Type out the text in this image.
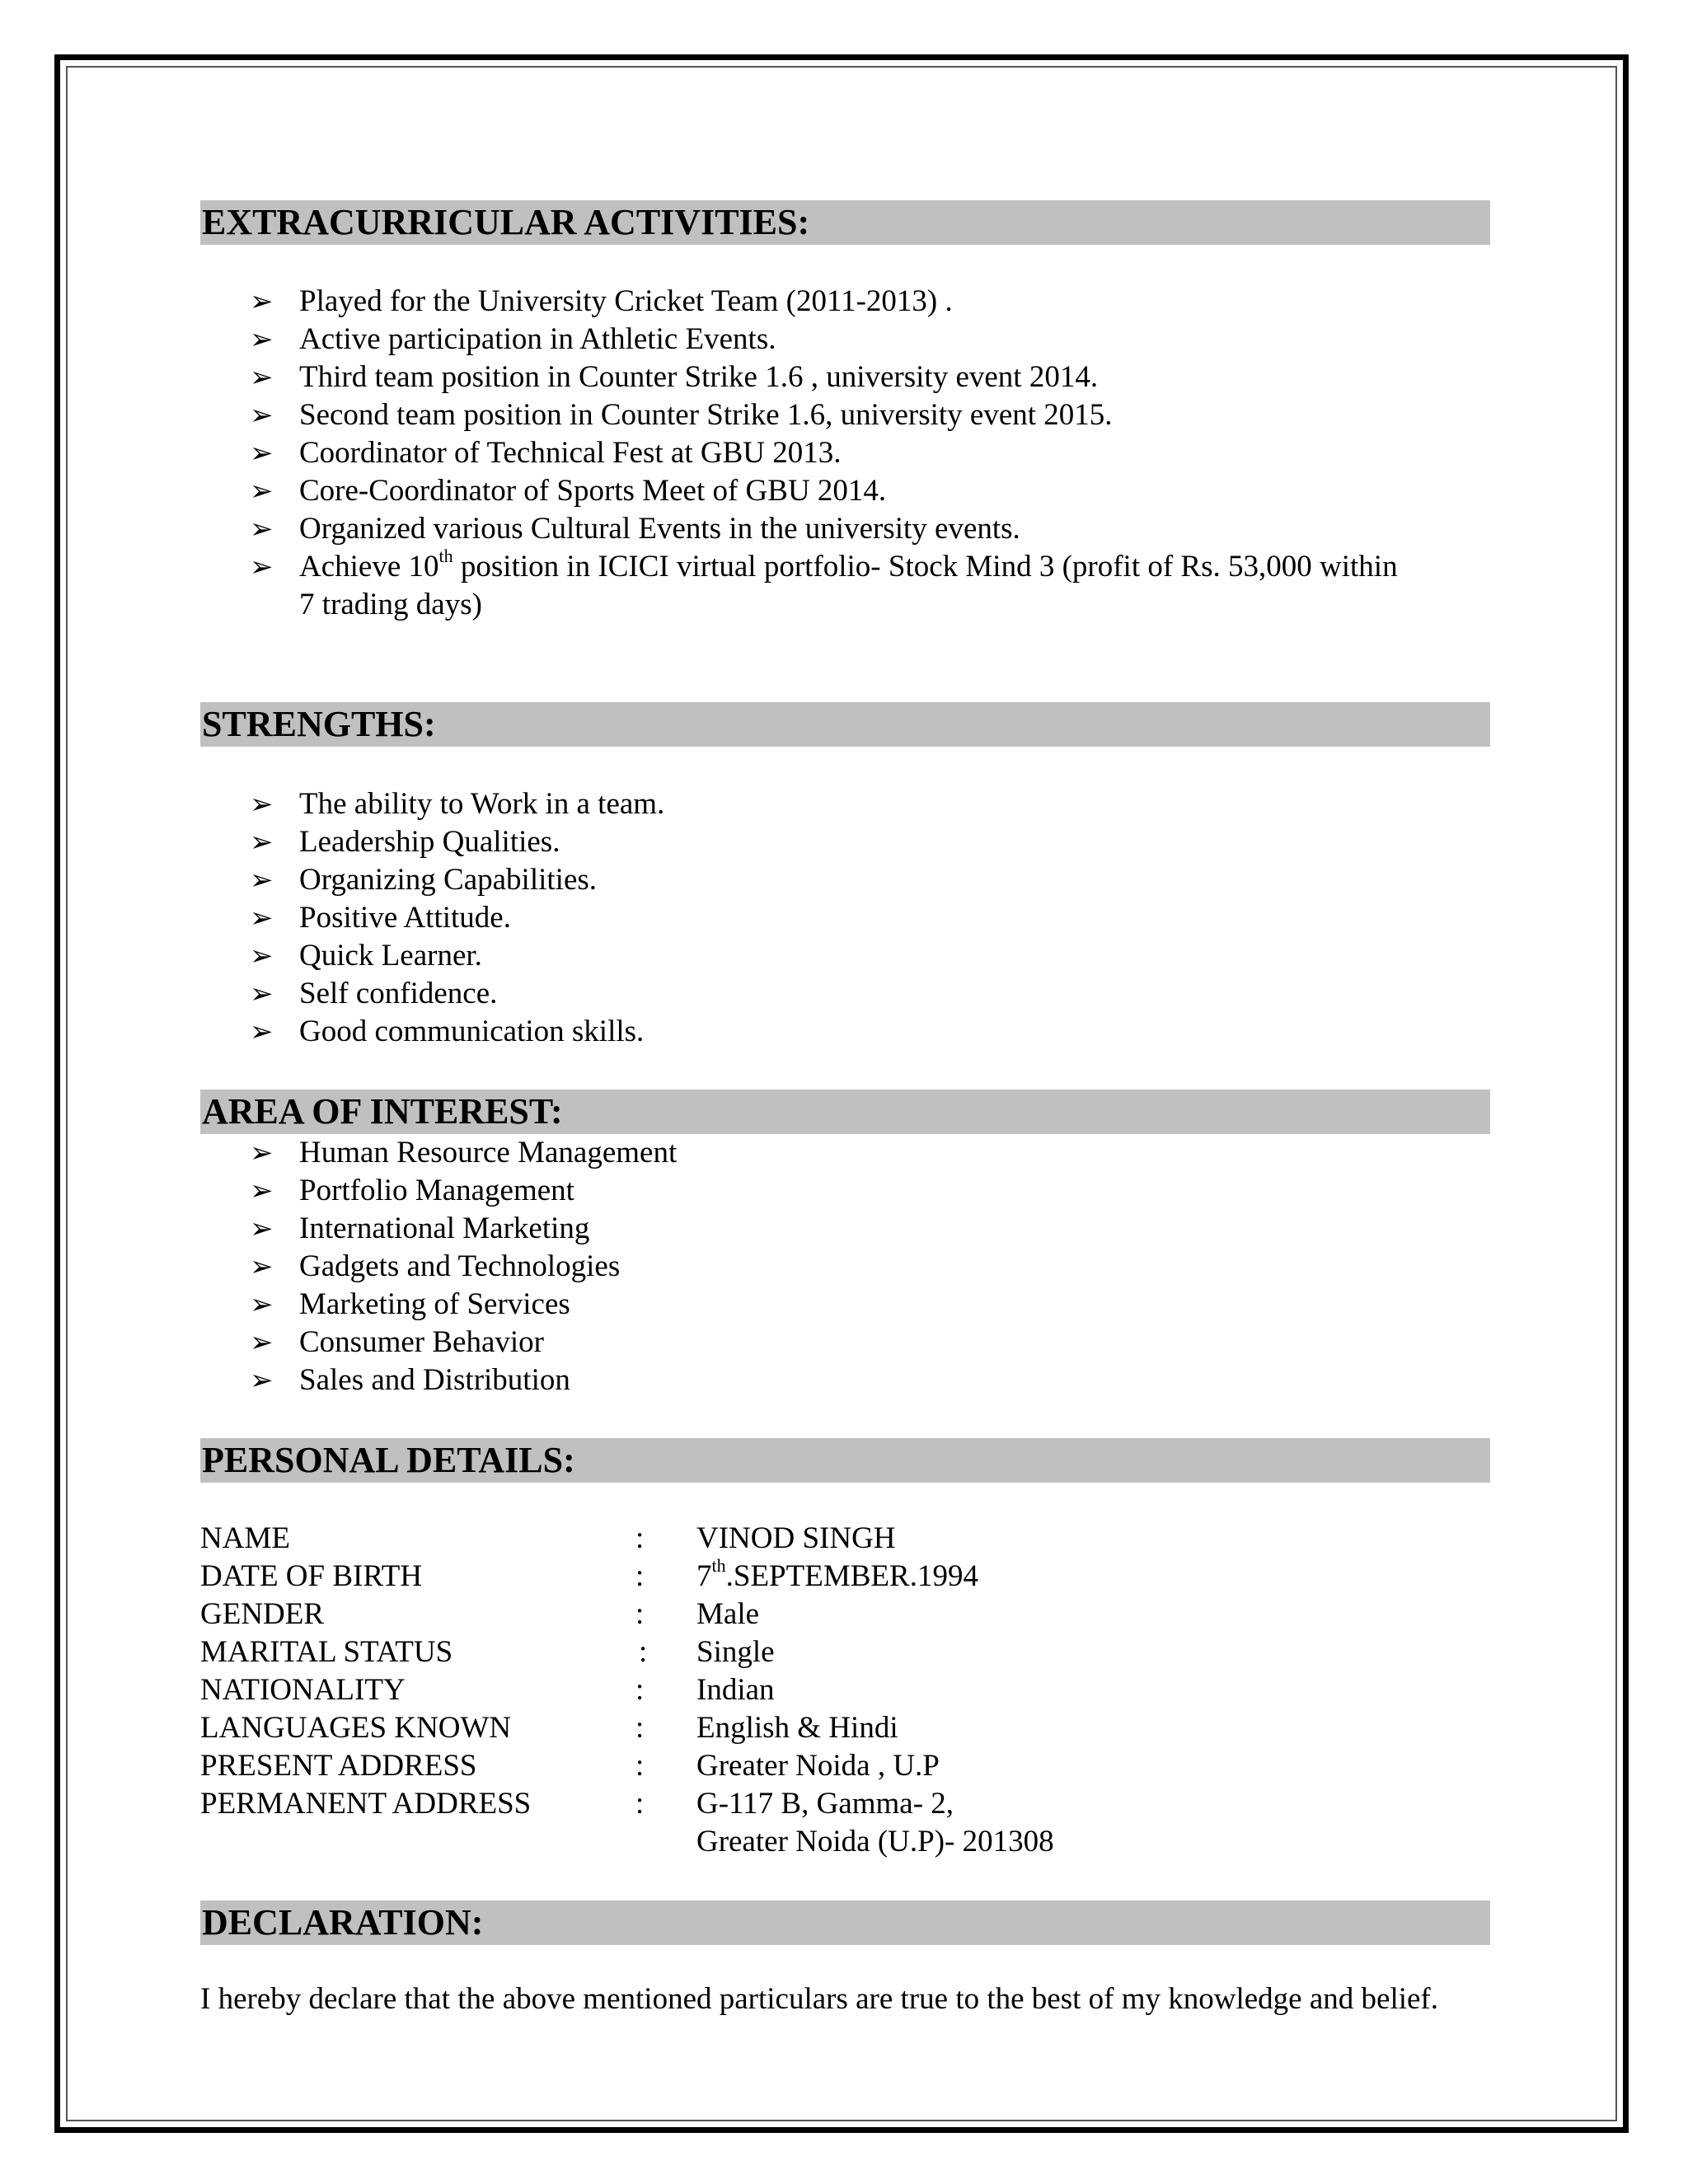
EXTRACURRICULAR ACTIVITIES:
➢ Played for the University Cricket Team (2011-2013) .
➢ Active participation in Athletic Events.
➢ Third team position in Counter Strike 1.6 , university event 2014.
➢ Second team position in Counter Strike 1.6, university event 2015.
➢ Coordinator of Technical Fest at GBU 2013.
➢ Core-Coordinator of Sports Meet of GBU 2014.
➢ Organized various Cultural Events in the university events.
➢ Achieve 10th position in ICICI virtual portfolio- Stock Mind 3 (profit of Rs. 53,000 within 7 trading days)
STRENGTHS:
➢ The ability to Work in a team.
➢ Leadership Qualities.
➢ Organizing Capabilities.
➢ Positive Attitude.
➢ Quick Learner.
➢ Self confidence.
➢ Good communication skills.
AREA OF INTEREST:
➢ Human Resource Management
➢ Portfolio Management
➢ International Marketing
➢ Gadgets and Technologies
➢ Marketing of Services
➢ Consumer Behavior
➢ Sales and Distribution
PERSONAL DETAILS:
NAME	:	VINOD SINGH
DATE OF BIRTH	:	7th.SEPTEMBER.1994
GENDER	:	Male
MARITAL STATUS	:	Single
NATIONALITY	:	Indian
LANGUAGES KNOWN	:	English & Hindi
PRESENT ADDRESS	:	Greater Noida , U.P
PERMANENT ADDRESS	:	G-117 B, Gamma- 2,
Greater Noida (U.P)- 201308
DECLARATION:
I hereby declare that the above mentioned particulars are true to the best of my knowledge and belief.
